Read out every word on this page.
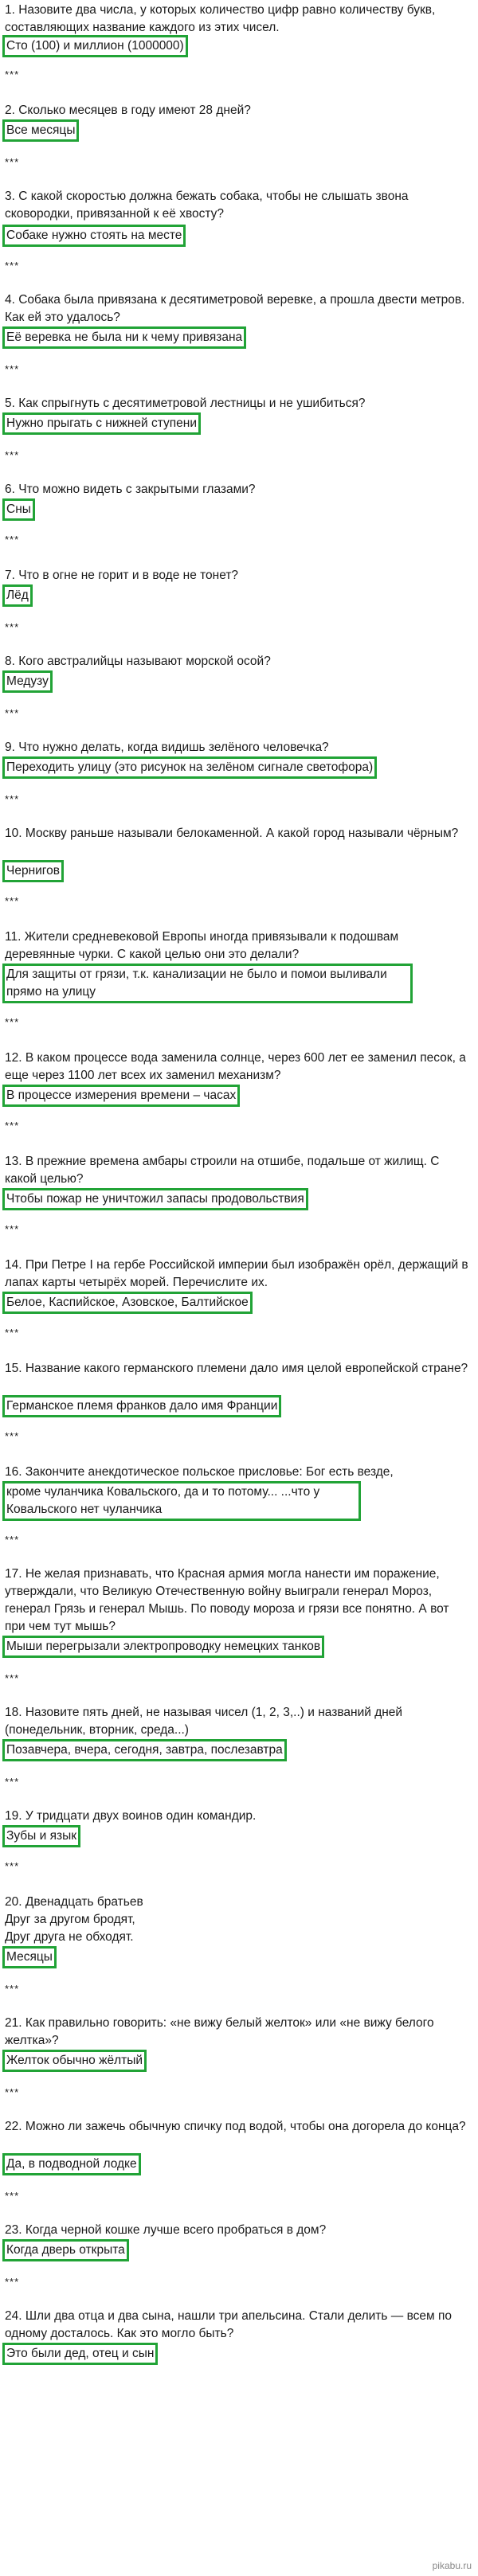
1. Назовите два числа, у которых количество цифр равно количеству букв, составляющих название каждого из этих чисел.

Сто (100) и миллион (1000000)
***

2. Сколько месяцев в году имеют 28 дней?

Все месяцы
***

3. С какой скоростью должна бежать собака, чтобы не слышать звона сковородки, привязанной к её хвосту?

Собаке нужно стоять на месте
***

4. Собака была привязана к десятиметровой веревке, а прошла двести метров. Как ей это удалось?

Её веревка не была ни к чему привязана
***

5. Как спрыгнуть с десятиметровой лестницы и не ушибиться?

Нужно прыгать с нижней ступени
***

6. Что можно видеть с закрытыми глазами?

Сны
***

7. Что в огне не горит и в воде не тонет?

Лёд
***

8. Кого австралийцы называют морской осой?

Медузу
***

9. Что нужно делать, когда видишь зелёного человечка?

Переходить улицу (это рисунок на зелёном сигнале светофора)
***

10. Москву раньше называли белокаменной. А какой город называли чёрным?

Чернигов
***

11. Жители средневековой Европы иногда привязывали к подошвам деревянные чурки. С какой целью они это делали?

Для защиты от грязи, т.к. канализации не было и помои выливали прямо на улицу
***

12. В каком процессе вода заменила солнце, через 600 лет ее заменил песок, а еще через 1100 лет всех их заменил механизм?

В процессе измерения времени – часах
***

13. В прежние времена амбары строили на отшибе, подальше от жилищ. С какой целью?

Чтобы пожар не уничтожил запасы продовольствия
***

14. При Петре I на гербе Российской империи был изображён орёл, держащий в лапах карты четырёх морей. Перечислите их.

Белое, Каспийское, Азовское, Балтийское
***

15. Название какого германского племени дало имя целой европейской стране?

Германское племя франков дало имя Франции
***

16. Закончите анекдотическое польское присловье: Бог есть везде,

кроме чуланчика Ковальского, да и то потому... ...что у Ковальского нет чуланчика
***

17. Не желая признавать, что Красная армия могла нанести им поражение, утверждали, что Великую Отечественную войну выиграли генерал Мороз, генерал Грязь и генерал Мышь. По поводу мороза и грязи все понятно. А вот при чем тут мышь?

Мыши перегрызали электропроводку немецких танков
***

18. Назовите пять дней, не называя чисел (1, 2, 3,..) и названий дней (понедельник, вторник, среда...)

Позавчера, вчера, сегодня, завтра, послезавтра
***

19. У тридцати двух воинов один командир.

Зубы и язык
***

20. Двенадцать братьев Друг за другом бродят, Друг друга не обходят.

Месяцы
***

21. Как правильно говорить: «не вижу белый желток» или «не вижу белого желтка»?

Желток обычно жёлтый
***

22. Можно ли зажечь обычную спичку под водой, чтобы она догорела до конца?

Да, в подводной лодке
***

23. Когда черной кошке лучше всего пробраться в дом?

Когда дверь открыта
***

24. Шли два отца и два сына, нашли три апельсина. Стали делить — всем по одному досталось. Как это могло быть?

Это были дед, отец и сын
pikabu.ru
